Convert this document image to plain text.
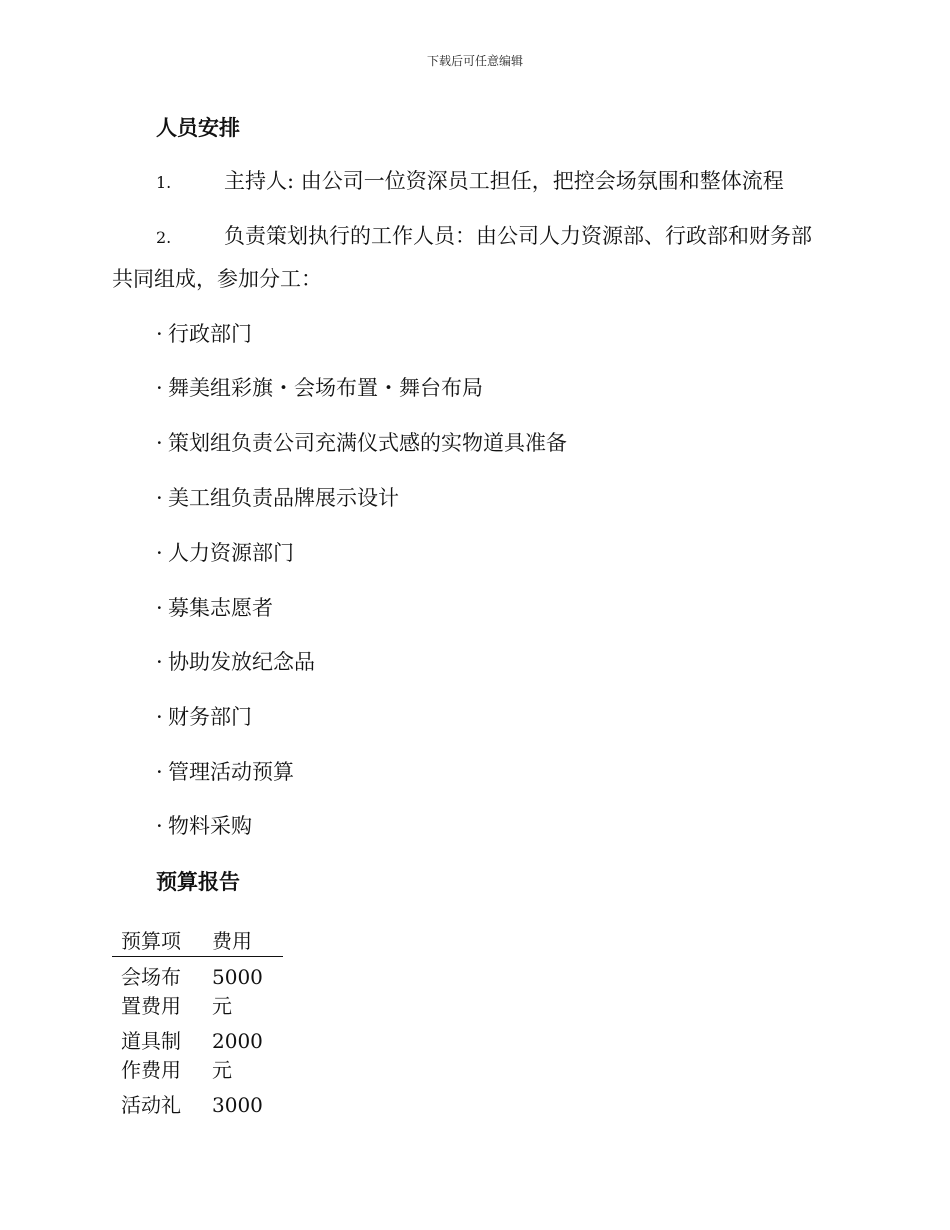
下载后可任意编辑
人员安排
1.	主持人: 由公司一位资深员工担任，把控会场氛围和整体流程
2.	负责策划执行的工作人员：由公司人力资源部、行政部和财务部
共同组成，参加分工：
· 行政部门
· 舞美组彩旗・会场布置・舞台布局
· 策划组负责公司充满仪式感的实物道具准备
· 美工组负责品牌展示设计
· 人力资源部门
· 募集志愿者
· 协助发放纪念品
· 财务部门
· 管理活动预算
· 物料采购
预算报告
预算项	费用

会场布
置费用	5000
元

道具制
作费用	2000
元

活动礼	3000
